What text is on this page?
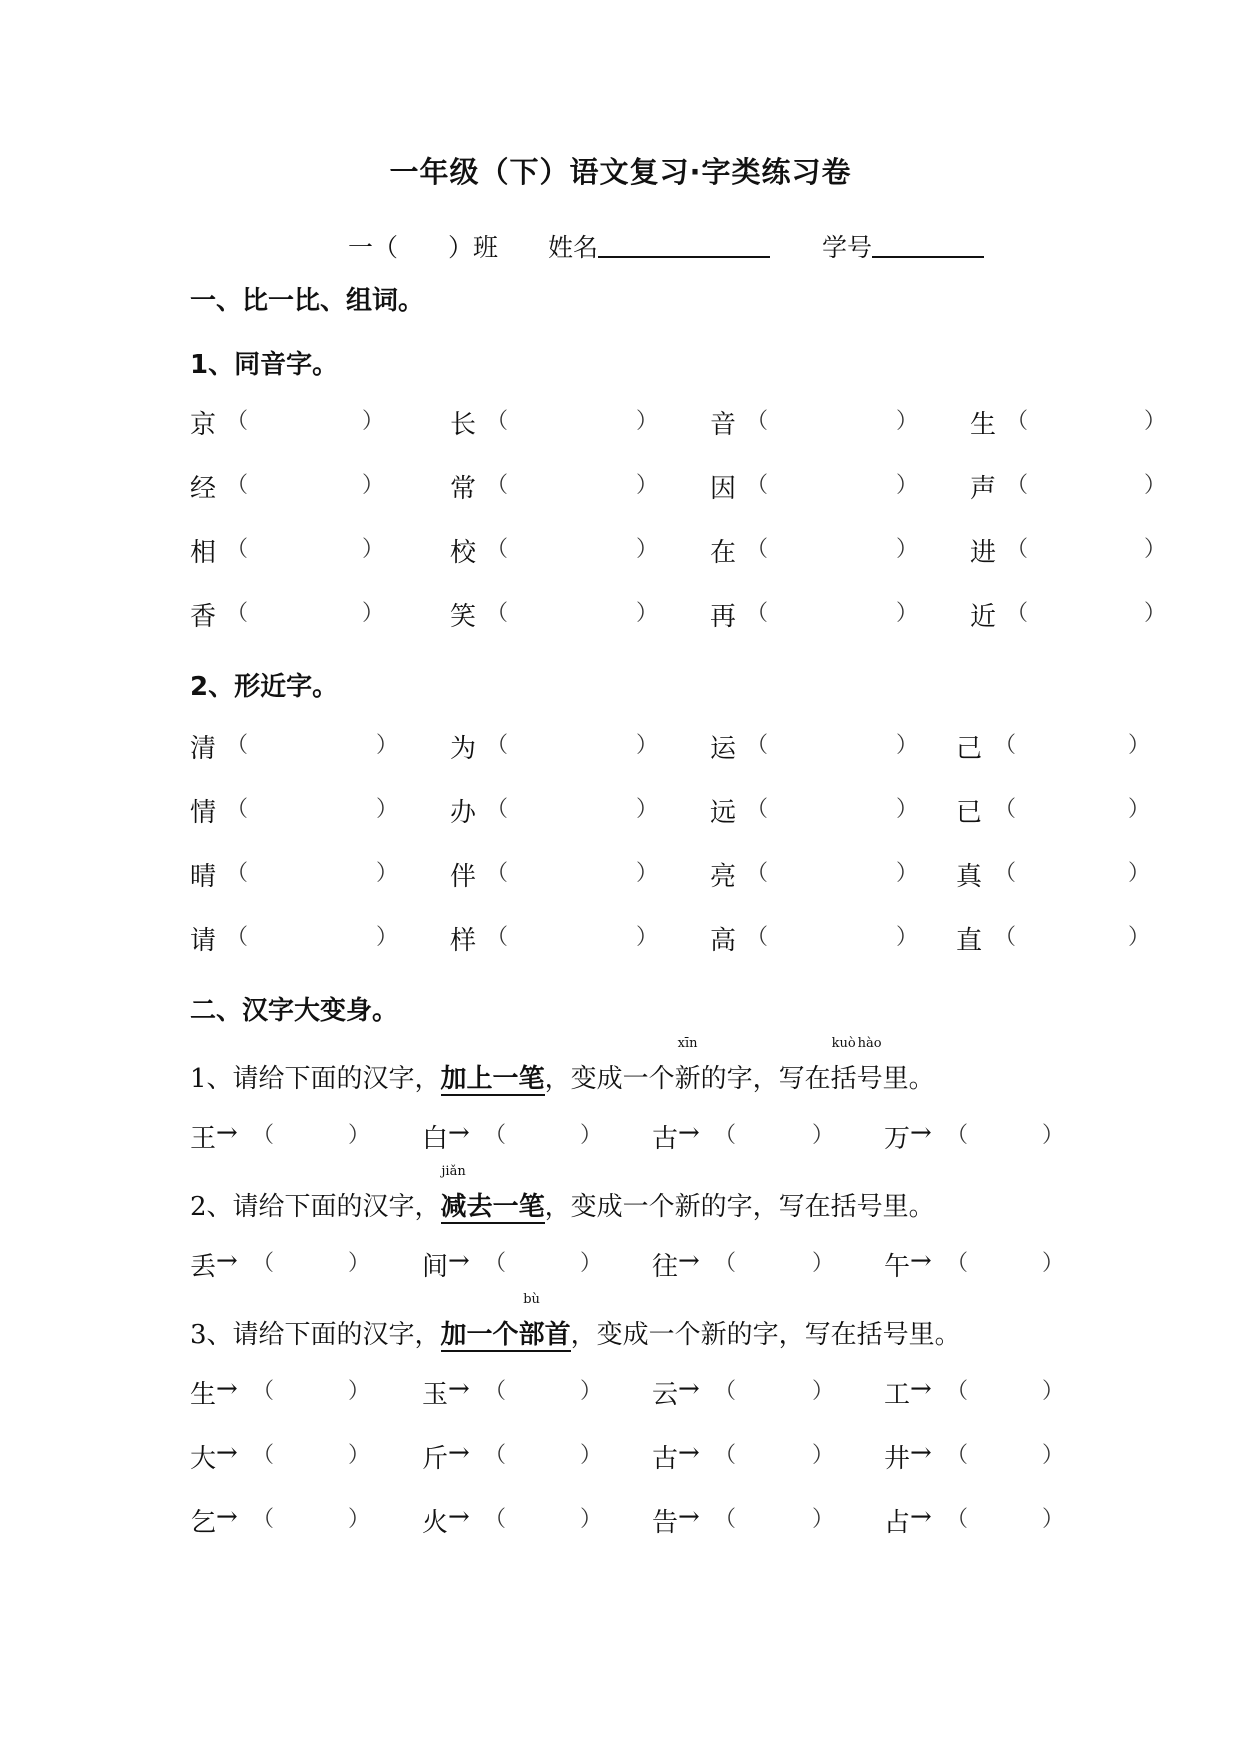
一年级（下）语文复习·字类练习卷
一（ ）班 姓名	学号
一、比一比、组词。
1、同音字。
京 （	）	长 （	） 音 （	） 生 （	）
经 （	）	常 （	） 因 （	） 声 （	）
相 （	）	校 （	） 在 （	） 进 （	）
香 （	）	笑 （	） 再 （	） 近 （	）
2、形近字。
清 （	） 为 （	） 运 （	） 己 （	）
情 （	） 办 （	） 远 （	） 已 （	）
晴 （	） 伴 （	） 亮 （	） 真 （	）
请 （	） 样 （	） 高 （	） 直 （	）
二、汉字大变身。
1、请给下面的汉字，加上一笔，变成一个
xīn
新的字，写在
kuò
括
hào
号里。
王 → （	） 白 → （	） 古 → （	） 万 → （	）
2、请给下面的汉字，
jiǎn
减去一笔，变成一个新的字，写在括号里。
丢 → （	） 间 → （	） 往 → （	） 午 → （	）
3、请给下面的汉字，加一个
bù
部首，变成一个新的字，写在括号里。
生 → （	） 玉 → （	） 云 → （	） 工 → （	）
大 → （	） 斤 → （	） 古 → （	） 井 → （	）
乞 → （	） 火 → （	） 告 → （	） 占 → （	）
